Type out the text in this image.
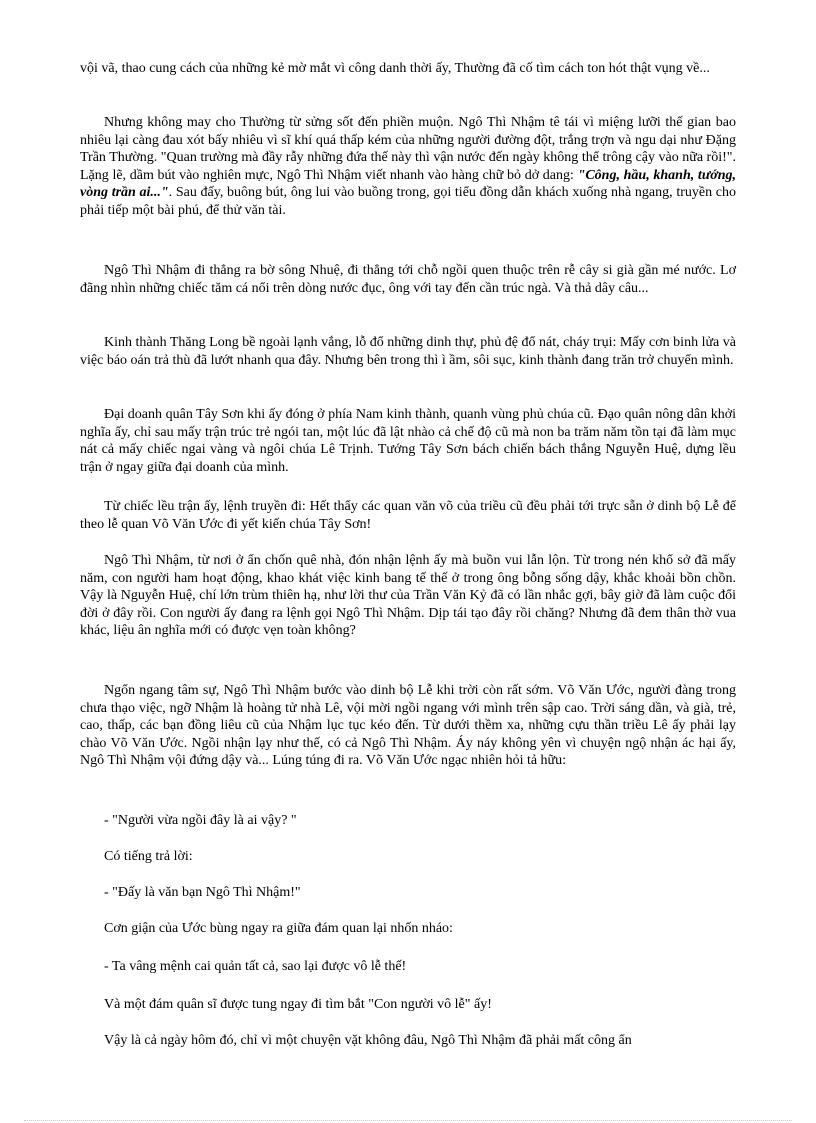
vội vã, thao cung cách của những kẻ mờ mắt vì công danh thời ấy, Thường đã cố tìm cách ton hót thật vụng về...

Nhưng không may cho Thường từ sửng sốt đến phiền muộn. Ngô Thì Nhậm tê tái vì miệng lưỡi thế gian bao nhiêu lại càng đau xót bấy nhiêu vì sĩ khí quá thấp kém của những người đường đột, trắng trợn và ngu dại như Đặng Trần Thường. "Quan trường mà đầy rẫy những đứa thế này thì vận nước đến ngày không thể trông cậy vào nữa rồi!". Lặng lẽ, dầm bút vào nghiên mực, Ngô Thì Nhậm viết nhanh vào hàng chữ bỏ dở dang: "Công, hầu, khanh, tướng, vòng trần ai...". Sau đấy, buông bút, ông lui vào buồng trong, gọi tiểu đồng dẫn khách xuống nhà ngang, truyền cho phải tiếp một bài phú, để thử văn tài.

Ngô Thì Nhậm đi thẳng ra bờ sông Nhuệ, đi thẳng tới chỗ ngồi quen thuộc trên rễ cây si già gần mé nước. Lơ đãng nhìn những chiếc tăm cá nổi trên dòng nước đục, ông với tay đến cần trúc ngà. Và thả dây câu...

Kinh thành Thăng Long bề ngoài lạnh vắng, lỗ đổ những dinh thự, phủ đệ đổ nát, cháy trụi: Mấy cơn binh lửa và việc báo oán trả thù đã lướt nhanh qua đây. Nhưng bên trong thì ì ầm, sôi sục, kinh thành đang trăn trở chuyển mình.

Đại doanh quân Tây Sơn khi ấy đóng ở phía Nam kinh thành, quanh vùng phủ chúa cũ. Đạo quân nông dân khởi nghĩa ấy, chỉ sau mấy trận trúc trẻ ngói tan, một lúc đã lật nhào cả chế độ cũ mà non ba trăm năm tồn tại đã làm mục nát cả mấy chiếc ngai vàng và ngôi chúa Lê Trịnh. Tướng Tây Sơn bách chiến bách thắng Nguyễn Huệ, dựng lều trận ở ngay giữa đại doanh của mình.

Từ chiếc lều trận ấy, lệnh truyền đi: Hết thẩy các quan văn võ của triều cũ đều phải tới trực sẵn ở dinh bộ Lễ để theo lễ quan Võ Văn Ước đi yết kiến chúa Tây Sơn!

Ngô Thì Nhậm, từ nơi ở ẩn chốn quê nhà, đón nhận lệnh ấy mà buồn vui lẫn lộn. Từ trong nén khổ sở đã mấy năm, con người ham hoạt động, khao khát việc kinh bang tế thế ở trong ông bỗng sống dậy, khắc khoải bồn chồn. Vậy là Nguyễn Huệ, chí lớn trùm thiên hạ, như lời thư của Trần Văn Kỷ đã có lần nhắc gợi, bây giờ đã làm cuộc đổi đời ở đây rồi. Con người ấy đang ra lệnh gọi Ngô Thì Nhậm. Dịp tái tạo đây rồi chăng? Nhưng đã đem thân thờ vua khác, liệu ân nghĩa mới có được vẹn toàn không?

Ngổn ngang tâm sự, Ngô Thì Nhậm bước vào dinh bộ Lễ khi trời còn rất sớm. Võ Văn Ước, người đàng trong chưa thạo việc, ngỡ Nhậm là hoàng tử nhà Lê, vội mời ngồi ngang với mình trên sập cao. Trời sáng dần, và già, trẻ, cao, thấp, các bạn đồng liêu cũ của Nhậm lục tục kéo đến. Từ dưới thềm xa, những cựu thần triều Lê ấy phải lạy chào Võ Văn Ước. Ngồi nhận lạy như thế, có cả Ngô Thì Nhậm. Áy náy không yên vì chuyện ngộ nhận ác hại ấy, Ngô Thì Nhậm vội đứng dậy và... Lúng túng đi ra. Võ Văn Ước ngạc nhiên hỏi tả hữu:

- "Người vừa ngồi đây là ai vậy? "

Có tiếng trả lời:

- "Đấy là văn bạn Ngô Thì Nhậm!"

Cơn giận của Ước bùng ngay ra giữa đám quan lại nhốn nháo:

- Ta vâng mệnh cai quản tất cả, sao lại được vô lễ thế!

Và một đám quân sĩ được tung ngay đi tìm bắt "Con người vô lễ" ấy!

Vậy là cả ngày hôm đó, chỉ vì một chuyện vặt không đâu, Ngô Thì Nhậm đã phải mất công ẩn
